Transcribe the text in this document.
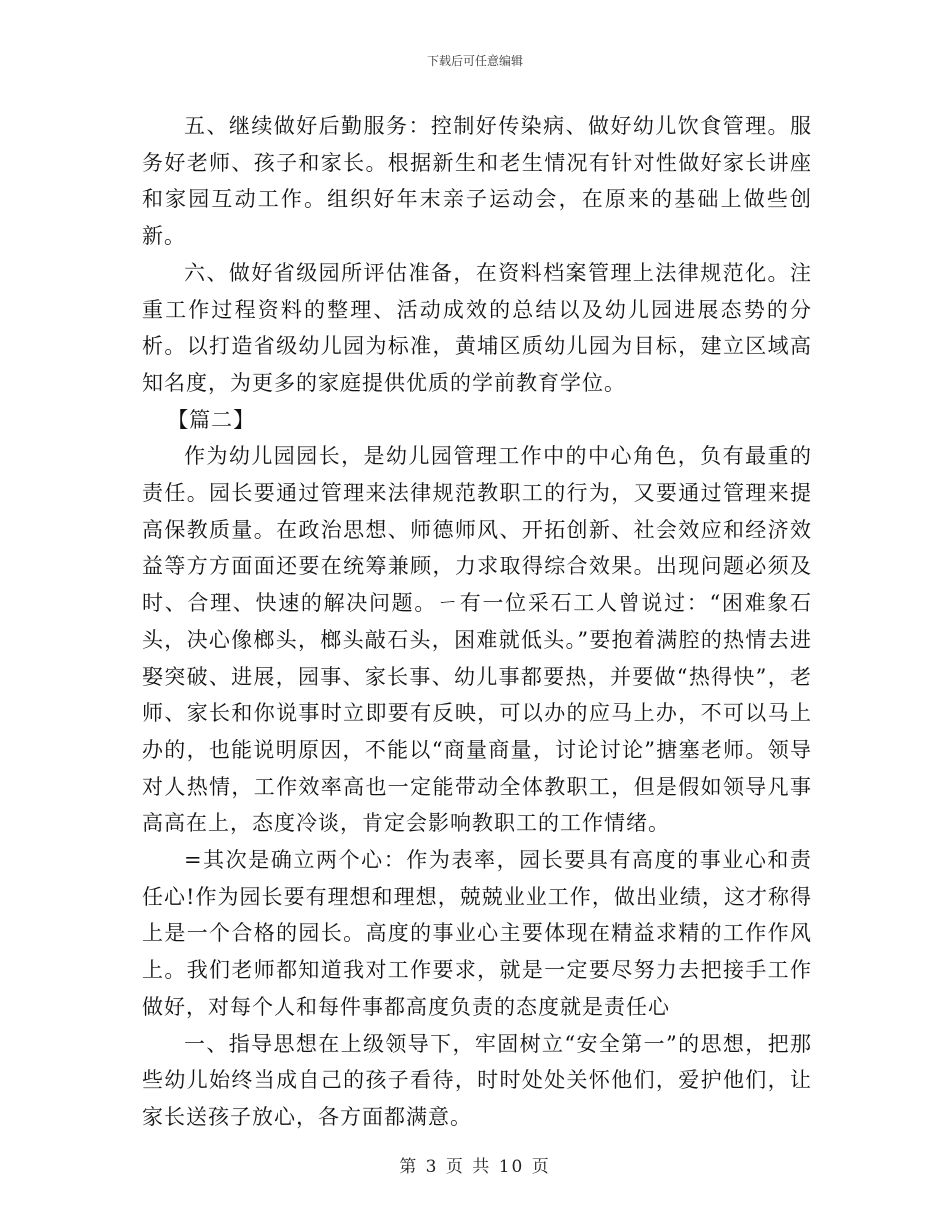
下载后可任意编辑

五、继续做好后勤服务：控制好传染病、做好幼儿饮食管理。服务好老师、孩子和家长。根据新生和老生情况有针对性做好家长讲座和家园互动工作。组织好年末亲子运动会，在原来的基础上做些创新。

六、做好省级园所评估准备，在资料档案管理上法律规范化。注重工作过程资料的整理、活动成效的总结以及幼儿园进展态势的分析。以打造省级幼儿园为标准，黄埔区质幼儿园为目标，建立区域高知名度，为更多的家庭提供优质的学前教育学位。

【篇二】

作为幼儿园园长，是幼儿园管理工作中的中心角色，负有最重的责任。园长要通过管理来法律规范教职工的行为，又要通过管理来提高保教质量。在政治思想、师德师风、开拓创新、社会效应和经济效益等方方面面还要在统筹兼顾，力求取得综合效果。出现问题必须及时、合理、快速的解决问题。ㄧ有一位采石工人曾说过：“困难象石头，决心像榔头，榔头敲石头，困难就低头。”要抱着满腔的热情去进娶突破、进展，园事、家长事、幼儿事都要热，并要做“热得快”，老师、家长和你说事时立即要有反映，可以办的应马上办，不可以马上办的，也能说明原因，不能以“商量商量，讨论讨论”搪塞老师。领导对人热情，工作效率高也一定能带动全体教职工，但是假如领导凡事高高在上，态度冷谈，肯定会影响教职工的工作情绪。

=其次是确立两个心：作为表率，园长要具有高度的事业心和责任心!作为园长要有理想和理想，兢兢业业工作，做出业绩，这才称得上是一个合格的园长。高度的事业心主要体现在精益求精的工作作风上。我们老师都知道我对工作要求，就是一定要尽努力去把接手工作做好，对每个人和每件事都高度负责的态度就是责任心

一、指导思想在上级领导下，牢固树立“安全第一”的思想，把那些幼儿始终当成自己的孩子看待，时时处处关怀他们，爱护他们，让家长送孩子放心，各方面都满意。

第 3 页 共 10 页
